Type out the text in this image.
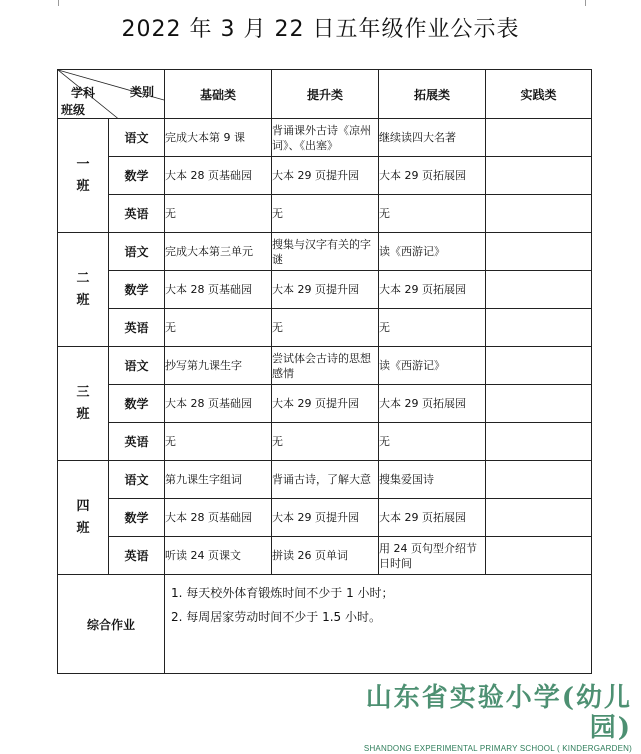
2022 年 3 月 22 日五年级作业公示表
学科 类别
班级		基础类	提升类	拓展类	实践类
一班	语文	完成大本第 9 课	背诵课外古诗《凉州词》、《出塞》	继续读四大名著	

	数学	大本 28 页基础园	大本 29 页提升园	大本 29 页拓展园	

	英语	无	无	无	

二班	语文	完成大本第三单元	搜集与汉字有关的字谜	读《西游记》	

	数学	大本 28 页基础园	大本 29 页提升园	大本 29 页拓展园	

	英语	无	无	无	

三班	语文	抄写第九课生字	尝试体会古诗的思想感情	读《西游记》	

	数学	大本 28 页基础园	大本 29 页提升园	大本 29 页拓展园	

	英语	无	无	无	

四班	语文	第九课生字组词	背诵古诗，了解大意	搜集爱国诗	

	数学	大本 28 页基础园	大本 29 页提升园	大本 29 页拓展园	

	英语	听读 24 页课文	拼读 26 页单词	用 24 页句型介绍节日时间	

综合作业		1. 每天校外体育锻炼时间不少于 1 小时；

2. 每周居家劳动时间不少于 1.5 小时。			

山东省实验小学(幼儿园)
SHANDONG EXPERIMENTAL PRIMARY SCHOOL ( KINDERGARDEN)
